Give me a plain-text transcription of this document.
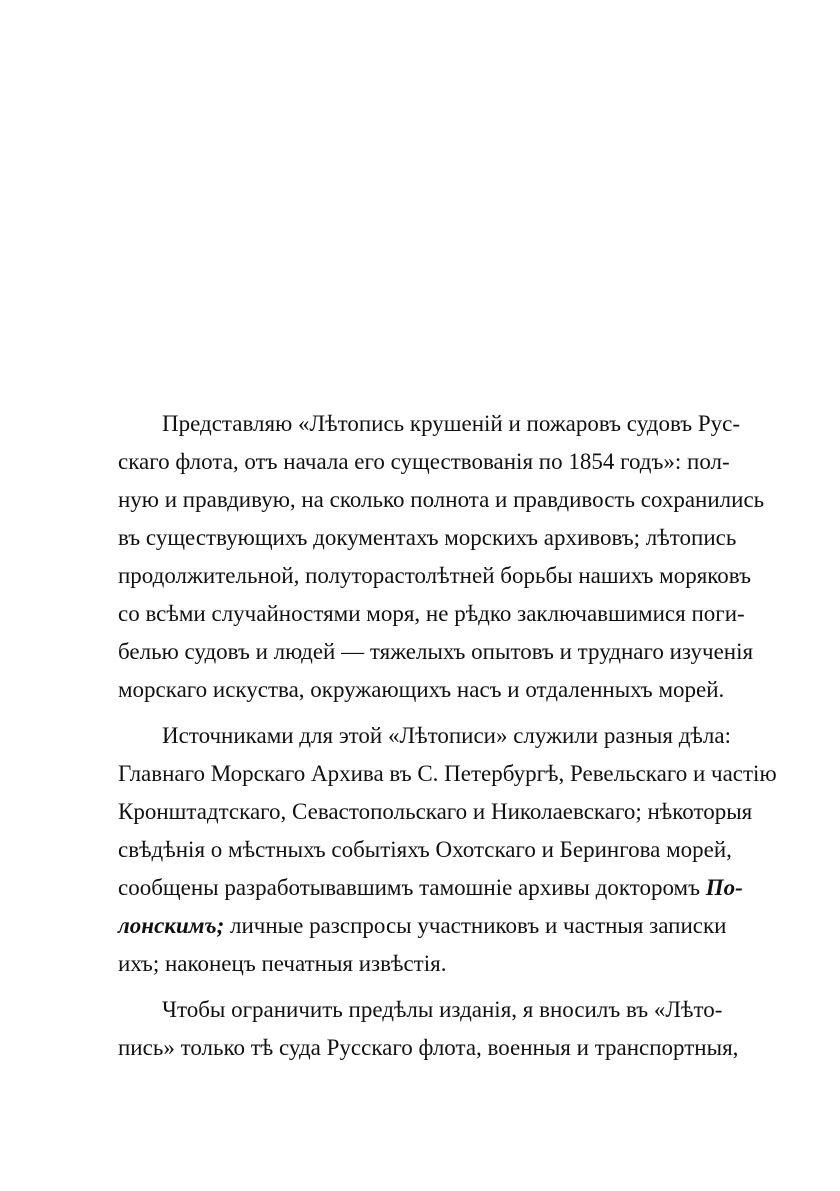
Представляю «Лѣтопись крушеній и пожаровъ судовъ Рус-
скаго флота, отъ начала его существованія по 1854 годъ»: пол-
ную и правдивую, на сколько полнота и правдивость сохранились
въ существующихъ документахъ морскихъ архивовъ; лѣтопись
продолжительной, полуторастолѣтней борьбы нашихъ моряковъ
со всѣми случайностями моря, не рѣдко заключавшимися поги-
белью судовъ и людей — тяжелыхъ опытовъ и труднаго изученія
морскаго искуства, окружающихъ насъ и отдаленныхъ морей.
Источниками для этой «Лѣтописи» служили разныя дѣла:
Главнаго Морскаго Архива въ С. Петербургѣ, Ревельскаго и частію
Кронштадтскаго, Севастопольскаго и Николаевскаго; нѣкоторыя
свѣдѣнія о мѣстныхъ событіяхъ Охотскаго и Берингова морей,
сообщены разработывавшимъ тамошніе архивы докторомъ По-
лонскимъ; личные разспросы участниковъ и частныя записки
ихъ; наконецъ печатныя извѣстія.
Чтобы ограничить предѣлы изданія, я вносилъ въ «Лѣто-
пись» только тѣ суда Русскаго флота, военныя и транспортныя,
